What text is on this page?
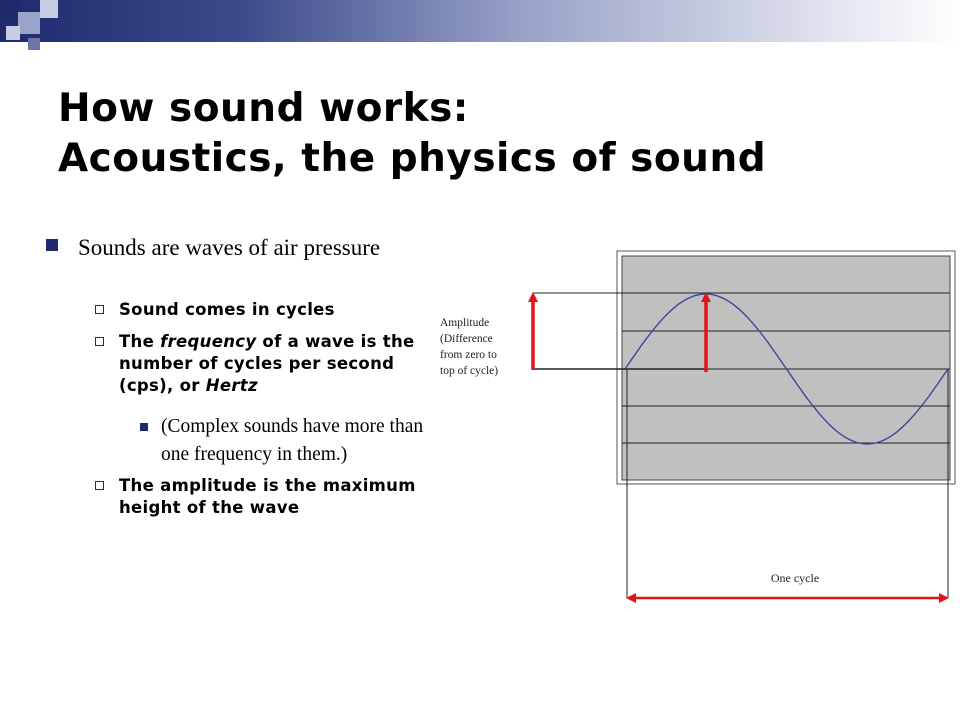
How sound works:
Acoustics, the physics of sound
Sounds are waves of air pressure
Sound comes in cycles
The frequency of a wave is the number of cycles per second (cps), or Hertz
(Complex sounds have more than one frequency in them.)
The amplitude is the maximum height of the wave
Amplitude (Difference from zero to top of cycle)
One cycle
